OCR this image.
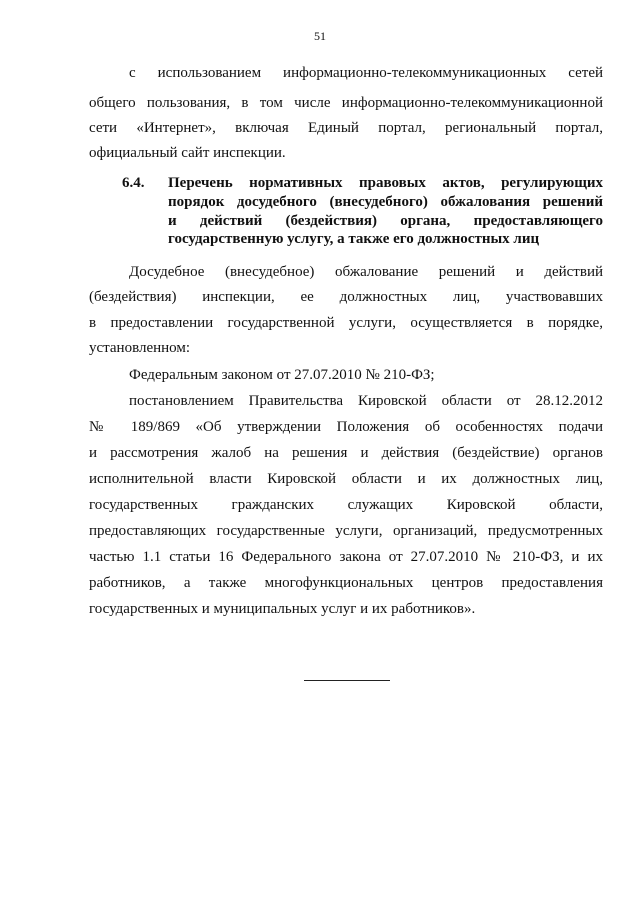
51
с использованием информационно-телекоммуникационных сетей
общего пользования, в том числе информационно-телекоммуникационной
сети «Интернет», включая Единый портал, региональный портал,
официальный сайт инспекции.
6.4. Перечень нормативных правовых актов, регулирующих
порядок досудебного (внесудебного) обжалования решений
и действий (бездействия) органа, предоставляющего
государственную услугу, а также его должностных лиц
Досудебное (внесудебное) обжалование решений и действий
(бездействия) инспекции, ее должностных лиц, участвовавших
в предоставлении государственной услуги, осуществляется в порядке,
установленном:
Федеральным законом от 27.07.2010 № 210-ФЗ;
постановлением Правительства Кировской области от 28.12.2012
№ 189/869 «Об утверждении Положения об особенностях подачи
и рассмотрения жалоб на решения и действия (бездействие) органов
исполнительной власти Кировской области и их должностных лиц,
государственных гражданских служащих Кировской области,
предоставляющих государственные услуги, организаций, предусмотренных
частью 1.1 статьи 16 Федерального закона от 27.07.2010 № 210-ФЗ, и их
работников, а также многофункциональных центров предоставления
государственных и муниципальных услуг и их работников».
